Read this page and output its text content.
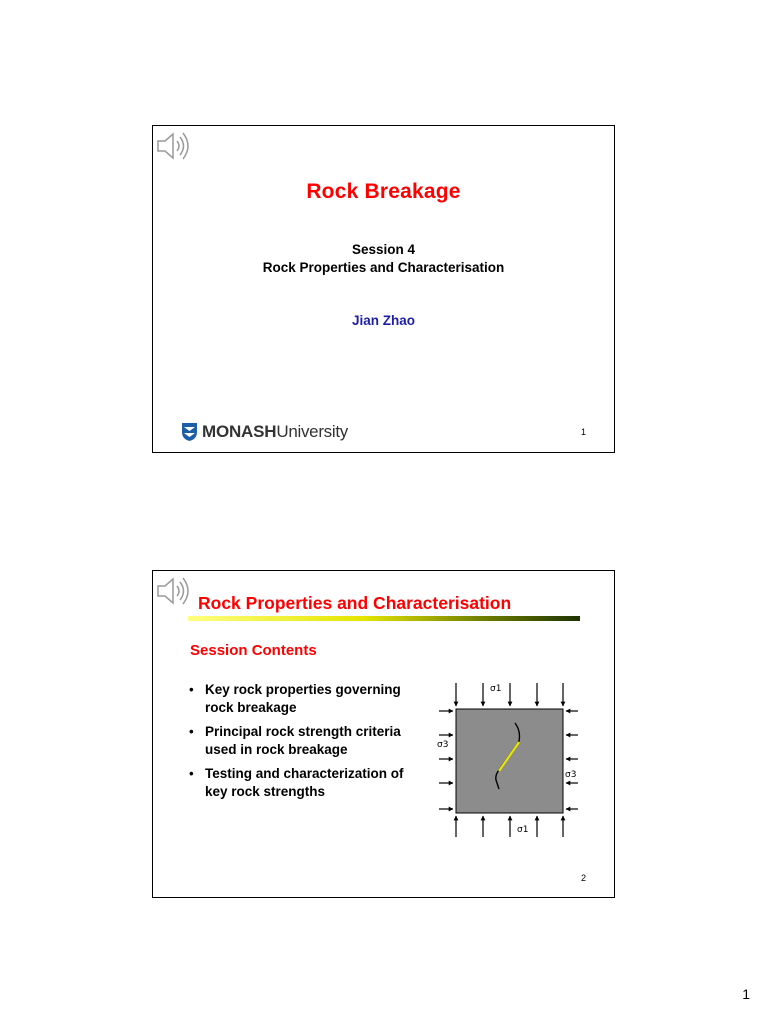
Rock Breakage
Session 4
Rock Properties and Characterisation
Jian Zhao
MONASH University	1
Rock Properties and Characterisation
Session Contents
• Key rock properties governing rock breakage
• Principal rock strength criteria used in rock breakage
• Testing and characterization of key rock strengths
σ1
σ3
σ3
σ1
2
1
